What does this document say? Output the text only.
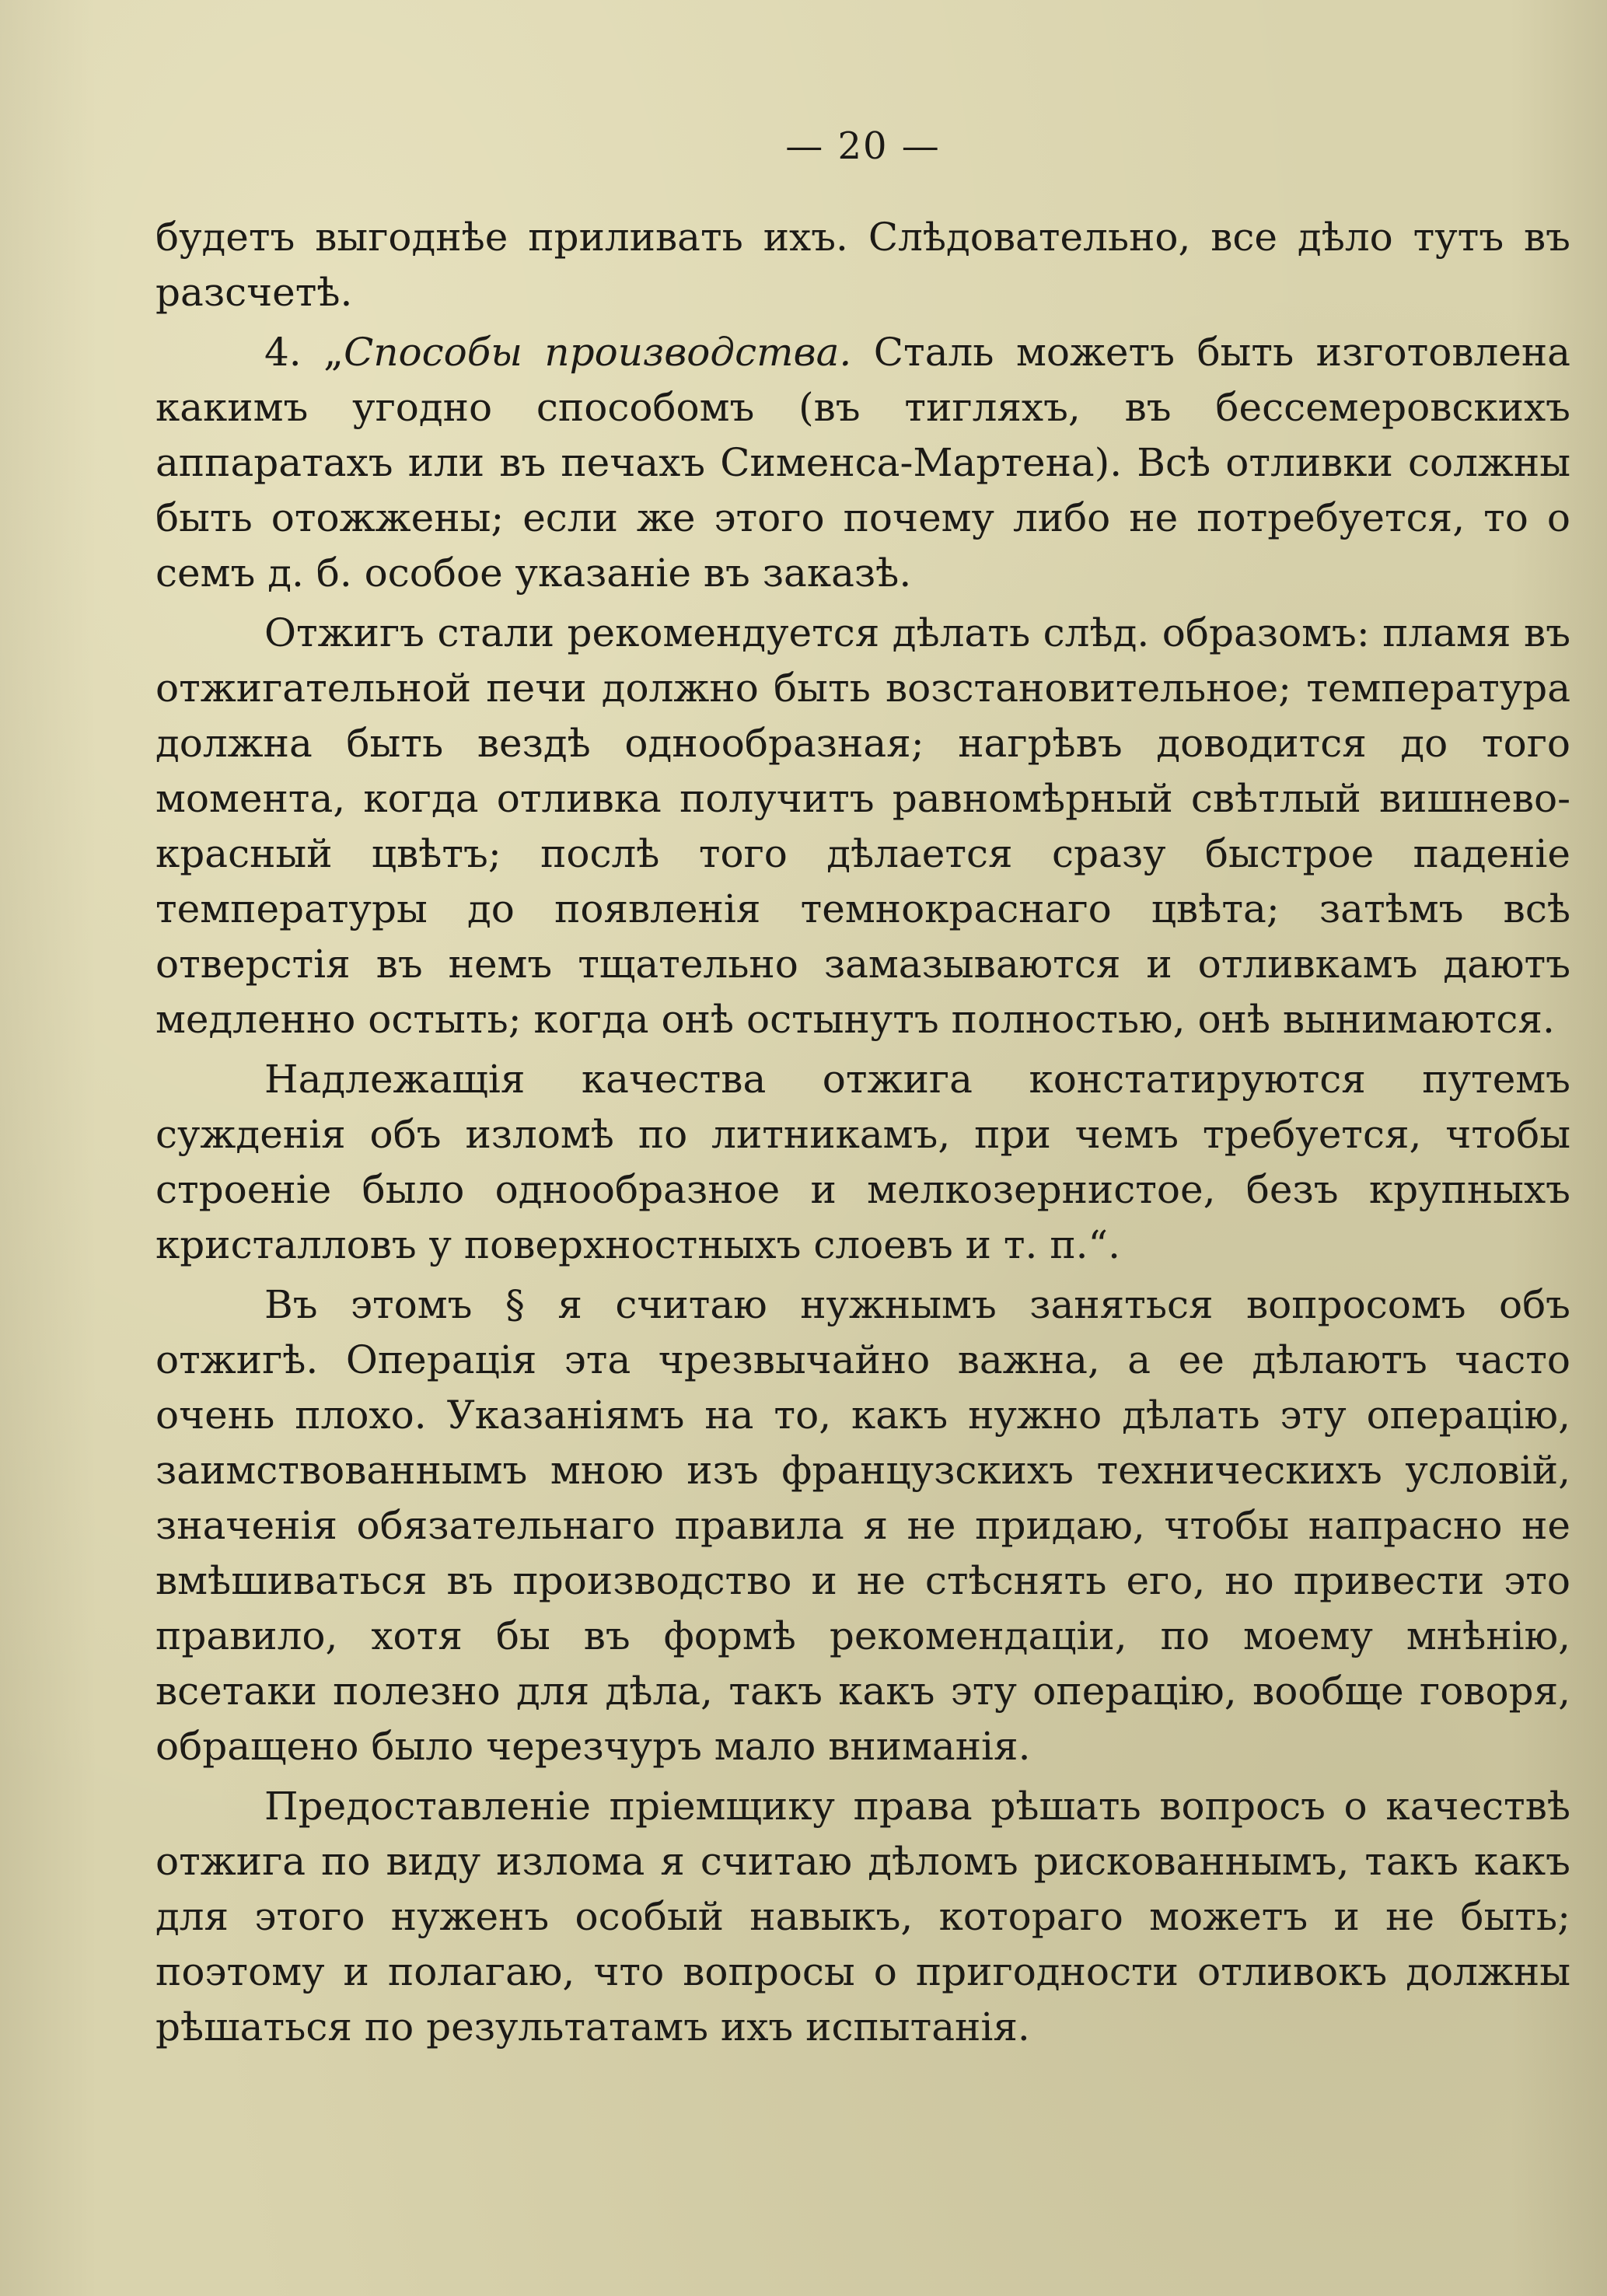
— 20 —

будетъ выгоднѣе приливать ихъ. Слѣдовательно, все дѣло тутъ въ разсчетѣ.

4. „Способы производства. Сталь можетъ быть изготовлена какимъ угодно способомъ (въ тигляхъ, въ бессемеровскихъ аппаратахъ или въ печахъ Сименса-Мартена). Всѣ отливки солжны быть отожжены; если же этого почему либо не потребуется, то о семъ д. б. особое указаніе въ заказѣ.

Отжигъ стали рекомендуется дѣлать слѣд. образомъ: пламя въ отжигательной печи должно быть возстановительное; температура должна быть вездѣ однообразная; нагрѣвъ доводится до того момента, когда отливка получитъ равномѣрный свѣтлый вишнево-красный цвѣтъ; послѣ того дѣлается сразу быстрое паденіе температуры до появленія темнокраснаго цвѣта; затѣмъ всѣ отверстія въ немъ тщательно замазываются и отливкамъ даютъ медленно остыть; когда онѣ остынутъ полностью, онѣ вынимаются.

Надлежащія качества отжига констатируются путемъ сужденія объ изломѣ по литникамъ, при чемъ требуется, чтобы строеніе было однообразное и мелкозернистое, безъ крупныхъ кристалловъ у поверхностныхъ слоевъ и т. п.“.

Въ этомъ § я считаю нужнымъ заняться вопросомъ объ отжигѣ. Операція эта чрезвычайно важна, а ее дѣлаютъ часто очень плохо. Указаніямъ на то, какъ нужно дѣлать эту операцію, заимствованнымъ мною изъ французскихъ техническихъ условій, значенія обязательнаго правила я не придаю, чтобы напрасно не вмѣшиваться въ производство и не стѣснять его, но привести это правило, хотя бы въ формѣ рекомендаціи, по моему мнѣнію, всетаки полезно для дѣла, такъ какъ эту операцію, вообще говоря, обращено было черезчуръ мало вниманія.

Предоставленіе пріемщику права рѣшать вопросъ о качествѣ отжига по виду излома я считаю дѣломъ рискованнымъ, такъ какъ для этого нуженъ особый навыкъ, котораго можетъ и не быть; поэтому и полагаю, что вопросы о пригодности отливокъ должны рѣшаться по результатамъ ихъ испытанія.
